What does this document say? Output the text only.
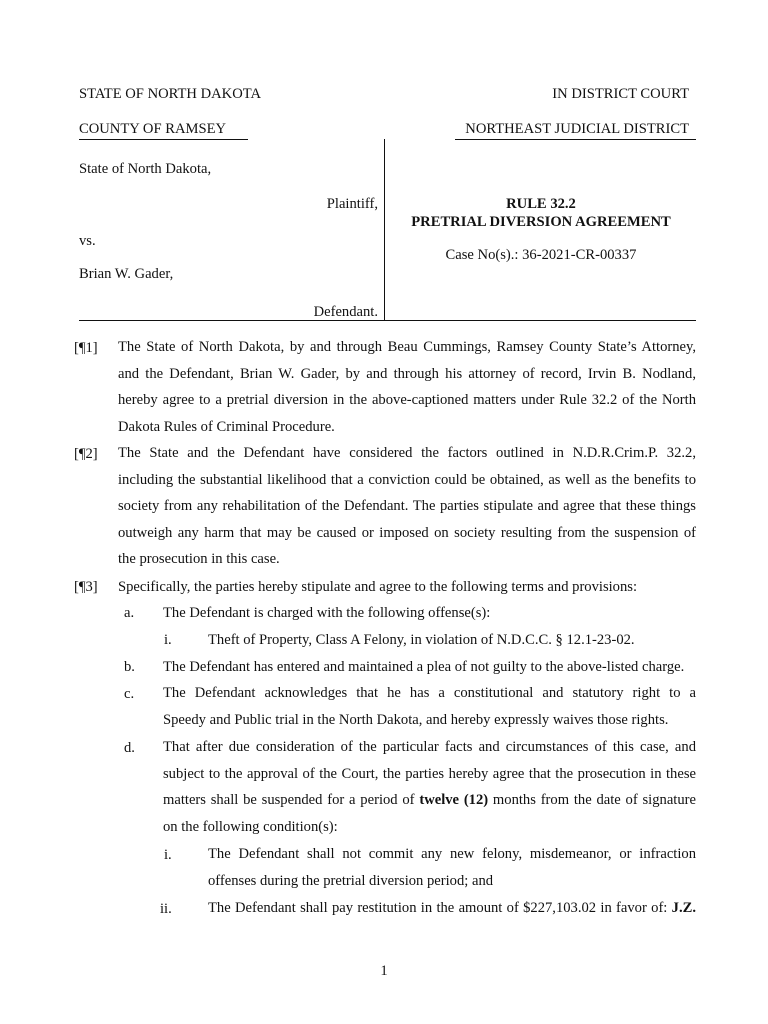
STATE OF NORTH DAKOTA	IN DISTRICT COURT
COUNTY OF RAMSEY	NORTHEAST JUDICIAL DISTRICT
State of North Dakota,
Plaintiff,
vs.
Brian W. Gader,
Defendant.
RULE 32.2
PRETRIAL DIVERSION AGREEMENT
Case No(s).: 36-2021-CR-00337
[¶1] The State of North Dakota, by and through Beau Cummings, Ramsey County State’s Attorney,
and the Defendant, Brian W. Gader, by and through his attorney of record, Irvin B. Nodland,
hereby agree to a pretrial diversion in the above-captioned matters under Rule 32.2 of the North
Dakota Rules of Criminal Procedure.
[¶2] The State and the Defendant have considered the factors outlined in N.D.R.Crim.P. 32.2,
including the substantial likelihood that a conviction could be obtained, as well as the benefits to
society from any rehabilitation of the Defendant. The parties stipulate and agree that these things
outweigh any harm that may be caused or imposed on society resulting from the suspension of
the prosecution in this case.
[¶3] Specifically, the parties hereby stipulate and agree to the following terms and provisions:
a. The Defendant is charged with the following offense(s):
i. Theft of Property, Class A Felony, in violation of N.D.C.C. § 12.1-23-02.
b. The Defendant has entered and maintained a plea of not guilty to the above-listed charge.
c. The Defendant acknowledges that he has a constitutional and statutory right to a
Speedy and Public trial in the North Dakota, and hereby expressly waives those rights.
d. That after due consideration of the particular facts and circumstances of this case, and
subject to the approval of the Court, the parties hereby agree that the prosecution in these
matters shall be suspended for a period of twelve (12) months from the date of signature
on the following condition(s):
i. The Defendant shall not commit any new felony, misdemeanor, or infraction
offenses during the pretrial diversion period; and
ii. The Defendant shall pay restitution in the amount of $227,103.02 in favor of: J.Z.
1
